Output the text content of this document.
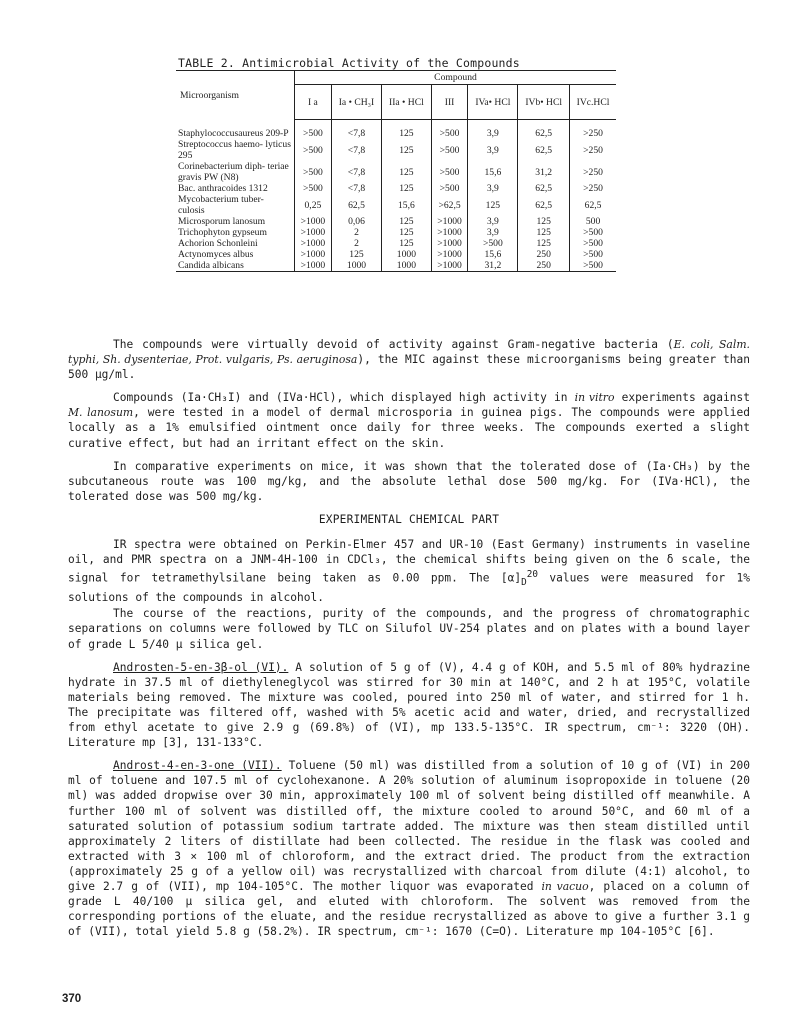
TABLE 2. Antimicrobial Activity of the Compounds
Microorganism	Compound						
	I a	Ia • CH₃I	IIa • HCl	III	IVa• HCl	IVb• HCl	IVc.HCl

Staphylococcusaureus 209-P	>500	<7,8	125	>500	3,9	62,5	>250
Streptococcus haemo- lyticus 295	>500	<7,8	125	>500	3,9	62,5	>250
Corinebacterium diph- teriae gravis PW (N8)	>500	<7,8	125	>500	15,6	31,2	>250
Bac. anthracoides 1312	>500	<7,8	125	>500	3,9	62,5	>250
Mycobacterium tuber- culosis	0,25	62,5	15,6	>62,5	125	62,5	62,5
Microsporum lanosum	>1000	0,06	125	>1000	3,9	125	500
Trichophyton gypseum	>1000	2	125	>1000	3,9	125	>500
Achorion Schonleini	>1000	2	125	>1000	>500	125	>500
Actynomyces albus	>1000	125	1000	>1000	15,6	250	>500
Candida albicans	>1000	1000	1000	>1000	31,2	250	>500

The compounds were virtually devoid of activity against Gram-negative bacteria (E. coli, Salm. typhi, Sh. dysenteriae, Prot. vulgaris, Ps. aeruginosa), the MIC against these microorganisms being greater than 500 μg/ml.

Compounds (Ia·CH₃I) and (IVa·HCl), which displayed high activity in in vitro experiments against M. lanosum, were tested in a model of dermal microsporia in guinea pigs. The compounds were applied locally as a 1% emulsified ointment once daily for three weeks. The compounds exerted a slight curative effect, but had an irritant effect on the skin.

In comparative experiments on mice, it was shown that the tolerated dose of (Ia·CH₃) by the subcutaneous route was 100 mg/kg, and the absolute lethal dose 500 mg/kg. For (IVa·HCl), the tolerated dose was 500 mg/kg.

EXPERIMENTAL CHEMICAL PART

IR spectra were obtained on Perkin-Elmer 457 and UR-10 (East Germany) instruments in vaseline oil, and PMR spectra on a JNM-4H-100 in CDCl₃, the chemical shifts being given on the δ scale, the signal for tetramethylsilane being taken as 0.00 ppm. The $[\alpha]_D^{20}$ values were measured for 1% solutions of the compounds in alcohol.

The course of the reactions, purity of the compounds, and the progress of chromatographic separations on columns were followed by TLC on Silufol UV-254 plates and on plates with a bound layer of grade L 5/40 μ silica gel.

Androsten-5-en-3β-ol (VI). A solution of 5 g of (V), 4.4 g of KOH, and 5.5 ml of 80% hydrazine hydrate in 37.5 ml of diethyleneglycol was stirred for 30 min at 140°C, and 2 h at 195°C, volatile materials being removed. The mixture was cooled, poured into 250 ml of water, and stirred for 1 h. The precipitate was filtered off, washed with 5% acetic acid and water, dried, and recrystallized from ethyl acetate to give 2.9 g (69.8%) of (VI), mp 133.5-135°C. IR spectrum, cm⁻¹: 3220 (OH). Literature mp [3], 131-133°C.

Androst-4-en-3-one (VII). Toluene (50 ml) was distilled from a solution of 10 g of (VI) in 200 ml of toluene and 107.5 ml of cyclohexanone. A 20% solution of aluminum isopropoxide in toluene (20 ml) was added dropwise over 30 min, approximately 100 ml of solvent being distilled off meanwhile. A further 100 ml of solvent was distilled off, the mixture cooled to around 50°C, and 60 ml of a saturated solution of potassium sodium tartrate added. The mixture was then steam distilled until approximately 2 liters of distillate had been collected. The residue in the flask was cooled and extracted with 3 × 100 ml of chloroform, and the extract dried. The product from the extraction (approximately 25 g of a yellow oil) was recrystallized with charcoal from dilute (4:1) alcohol, to give 2.7 g of (VII), mp 104-105°C. The mother liquor was evaporated in vacuo, placed on a column of grade L 40/100 μ silica gel, and eluted with chloroform. The solvent was removed from the corresponding portions of the eluate, and the residue recrystallized as above to give a further 3.1 g of (VII), total yield 5.8 g (58.2%). IR spectrum, cm⁻¹: 1670 (C=O). Literature mp 104-105°C [6].

370
